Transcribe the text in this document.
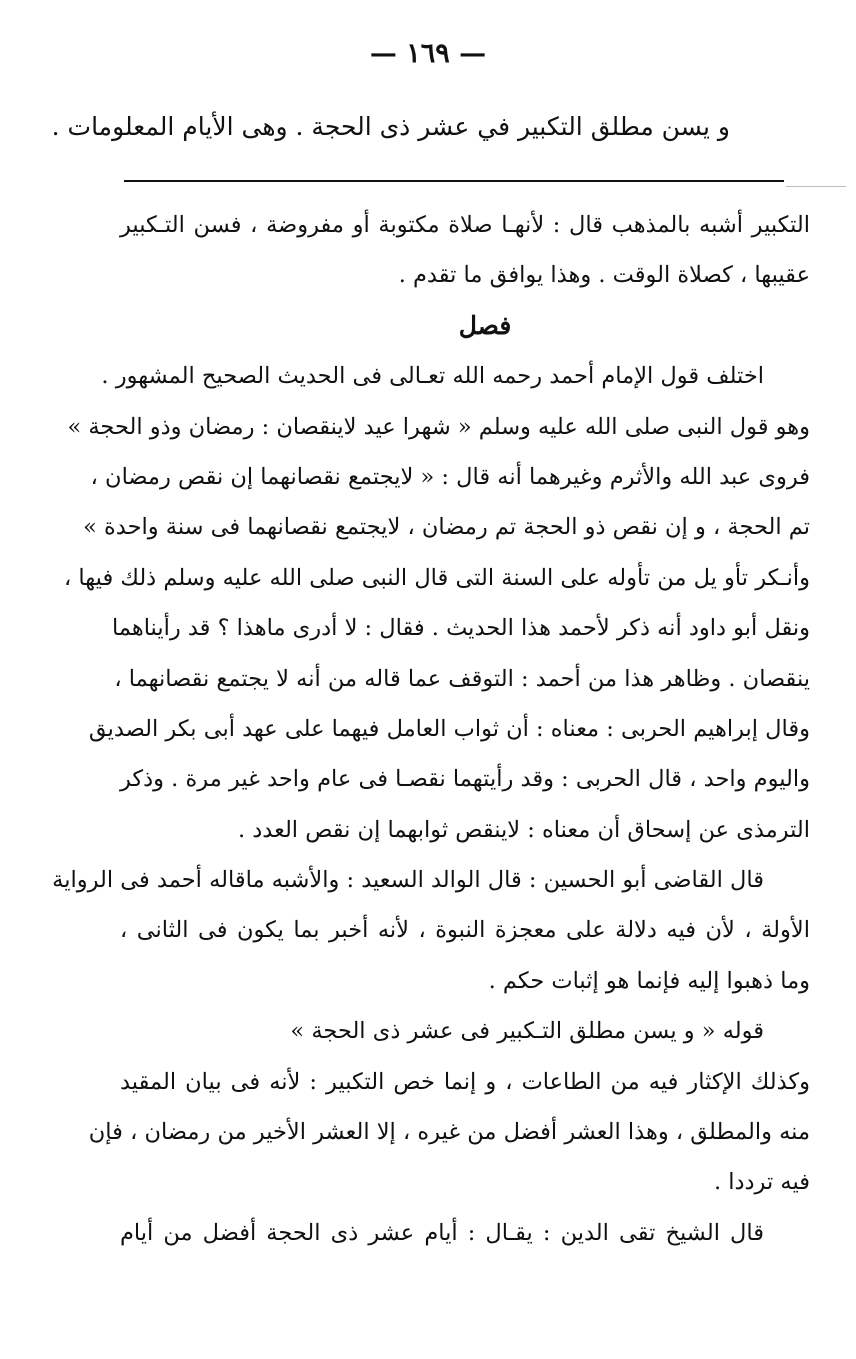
— ١٦٩ —
و يسن مطلق التكبير في عشر ذى الحجة . وهى الأيام المعلومات .
التكبير أشبه بالمذهب قال : لأنهـا صلاة مكتوبة أو مفروضة ، فسن التـكبير
عقيبها ، كصلاة الوقت . وهذا يوافق ما تقدم .
فصل
اختلف قول الإمام أحمد رحمه الله تعـالى فى الحديث الصحيح المشهور .
وهو قول النبى صلى الله عليه وسلم « شهرا عيد لاينقصان : رمضان وذو الحجة »
فروى عبد الله والأثرم وغيرهما أنه قال : « لايجتمع نقصانهما إن نقص رمضان ،
تم الحجة ، و إن نقص ذو الحجة تم رمضان ، لايجتمع نقصانهما فى سنة واحدة »
وأنـكر تأو يل من تأوله على السنة التى قال النبى صلى الله عليه وسلم ذلك فيها ،
ونقل أبو داود أنه ذكر لأحمد هذا الحديث . فقال : لا أدرى ماهذا ؟ قد رأيناهما
ينقصان . وظاهر هذا من أحمد : التوقف عما قاله من أنه لا يجتمع نقصانهما ،
وقال إبراهيم الحربى : معناه : أن ثواب العامل فيهما على عهد أبى بكر الصديق
واليوم واحد ، قال الحربى : وقد رأيتهما نقصـا فى عام واحد غير مرة . وذكر
الترمذى عن إسحاق أن معناه : لاينقص ثوابهما إن نقص العدد .
قال القاضى أبو الحسين : قال الوالد السعيد : والأشبه ماقاله أحمد فى الرواية
الأولة ، لأن فيه دلالة على معجزة النبوة ، لأنه أخبر بما يكون فى الثانى ،
وما ذهبوا إليه فإنما هو إثبات حكم .
قوله « و يسن مطلق التـكبير فى عشر ذى الحجة »
وكذلك الإكثار فيه من الطاعات ، و إنما خص التكبير : لأنه فى بيان المقيد
منه والمطلق ، وهذا العشر أفضل من غيره ، إلا العشر الأخير من رمضان ، فإن
فيه ترددا .
قال الشيخ تقى الدين : يقـال : أيام عشر ذى الحجة أفضل من أيام
